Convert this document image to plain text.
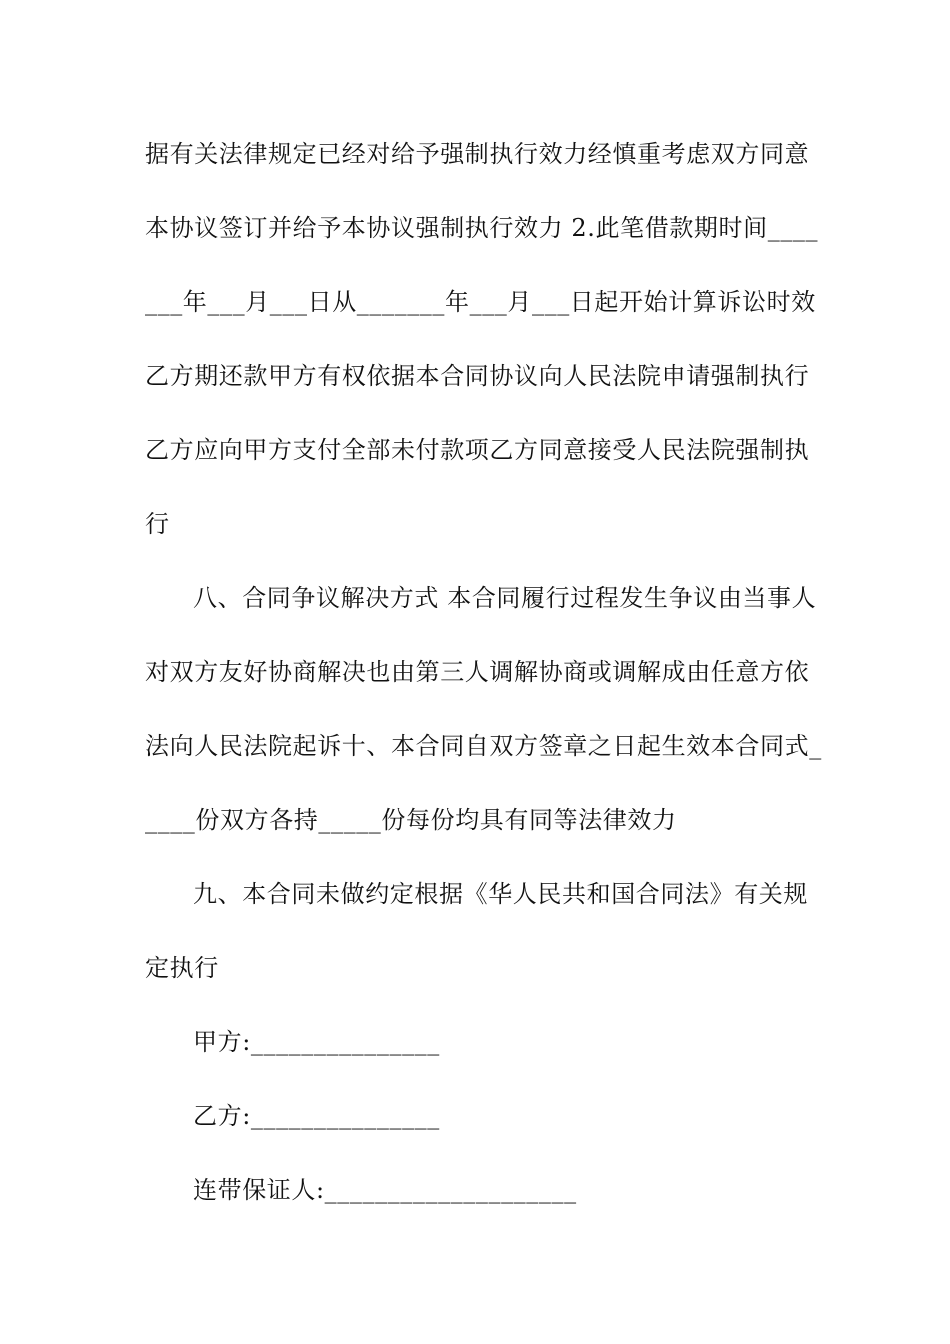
据有关法律规定已经对给予强制执行效力经慎重考虑双方同意
本协议签订并给予本协议强制执行效力 2.此笔借款期时间____
___年___月___日从_______年___月___日起开始计算诉讼时效
乙方期还款甲方有权依据本合同协议向人民法院申请强制执行
乙方应向甲方支付全部未付款项乙方同意接受人民法院强制执
行
八、合同争议解决方式 本合同履行过程发生争议由当事人
对双方友好协商解决也由第三人调解协商或调解成由任意方依
法向人民法院起诉十、本合同自双方签章之日起生效本合同式_
____份双方各持_____份每份均具有同等法律效力
九、本合同未做约定根据《华人民共和国合同法》有关规
定执行
甲方:_______________
乙方:_______________
连带保证人:____________________
